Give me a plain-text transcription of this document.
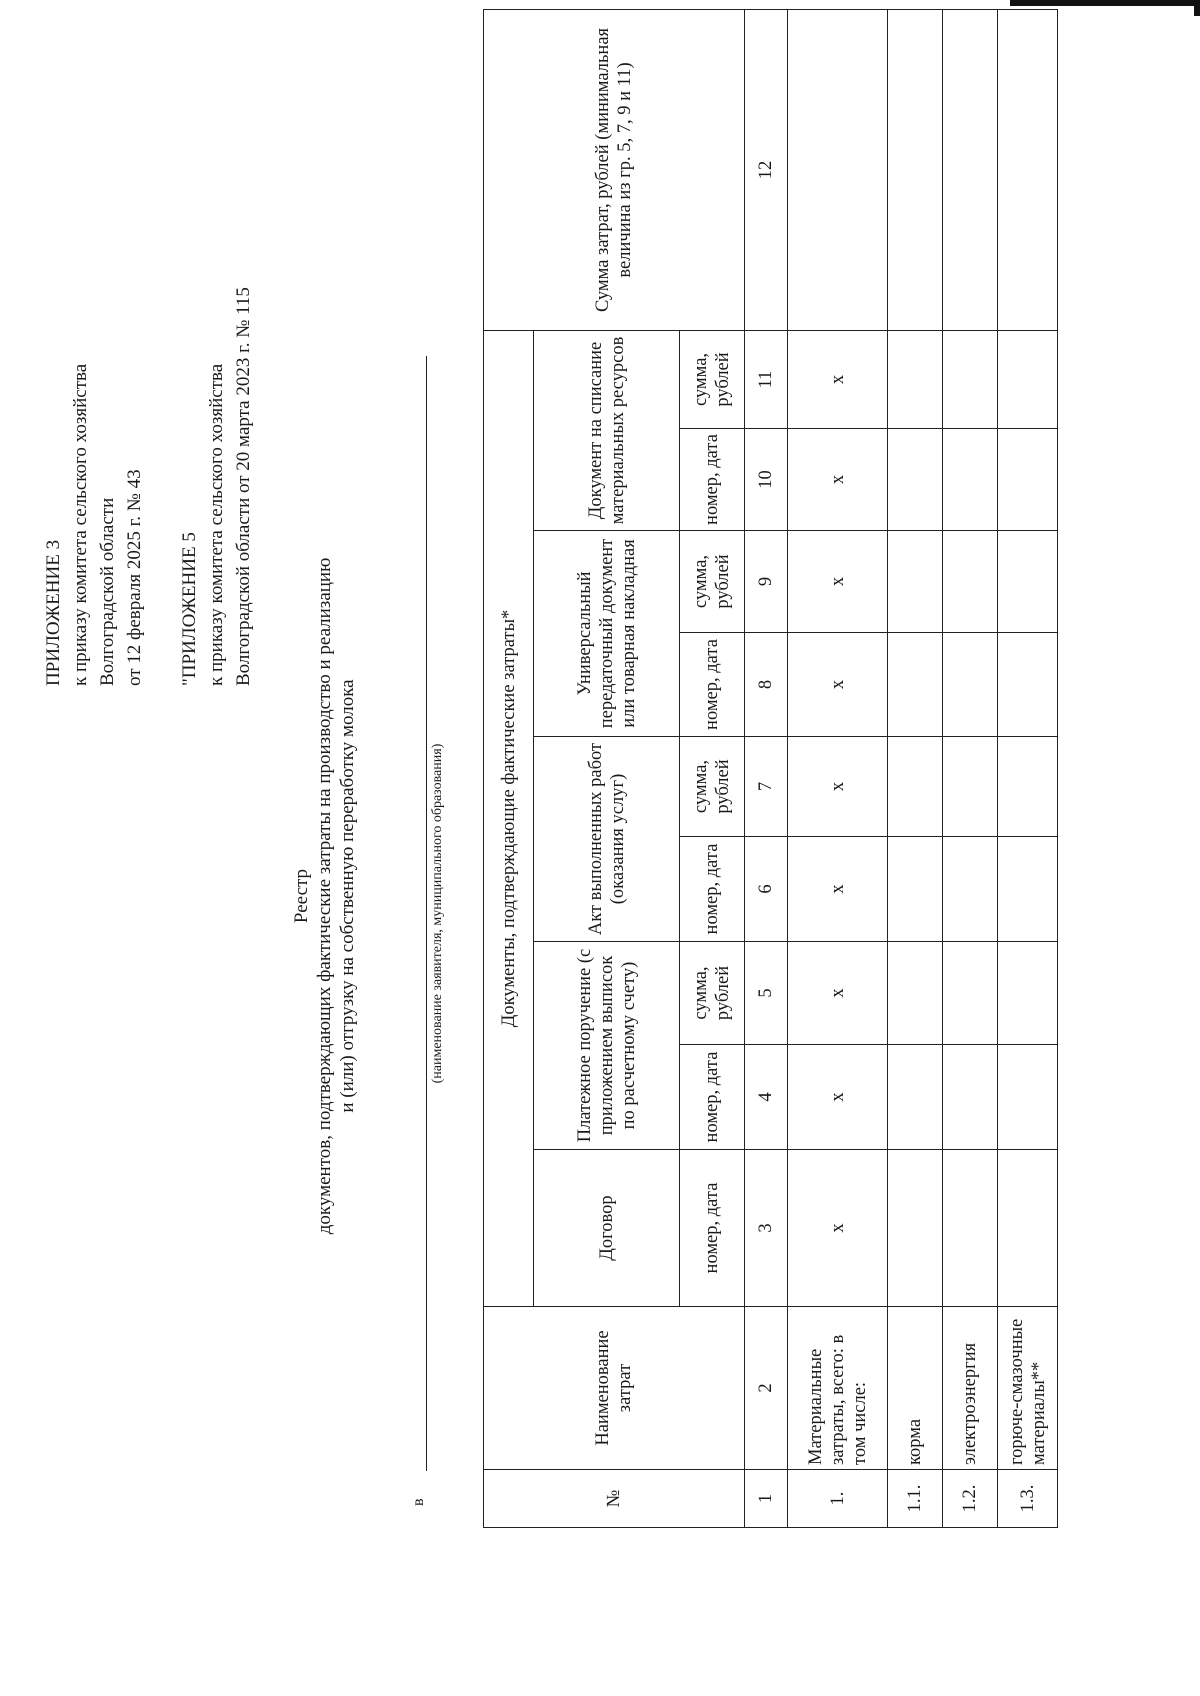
ПРИЛОЖЕНИЕ 3 к приказу комитета сельского хозяйства Волгоградской области от 12 февраля 2025 г. № 43 "ПРИЛОЖЕНИЕ 5 к приказу комитета сельского хозяйства Волгоградской области от 20 марта 2023 г. № 115
Реестр документов, подтверждающих фактические затраты на производство и реализацию и (или) отгрузку на собственную переработку молока
в
(наименование заявителя, муниципального образования)
№	Наименование затрат	Документы, подтверждающие фактические затраты*									Сумма затрат, рублей (минимальная величина из гр. 5, 7, 9 и 11)
		Договор	Платежное поручение (с приложением выписок по расчетному счету)		Акт выполненных работ (оказания услуг)		Универсальный передаточный документ или товарная накладная		Документ на списание материальных ресурсов		
		номер, дата	номер, дата	сумма, рублей	номер, дата	сумма, рублей	номер, дата	сумма, рублей	номер, дата	сумма, рублей	
1	2	3	4	5	6	7	8	9	10	11	12
1.	Материальные затраты, всего: в том числе:	x	x	x	x	x	x	x	x	x	
1.1.	корма										
1.2.	электроэнергия										
1.3.	горюче-смазочные материалы**										
